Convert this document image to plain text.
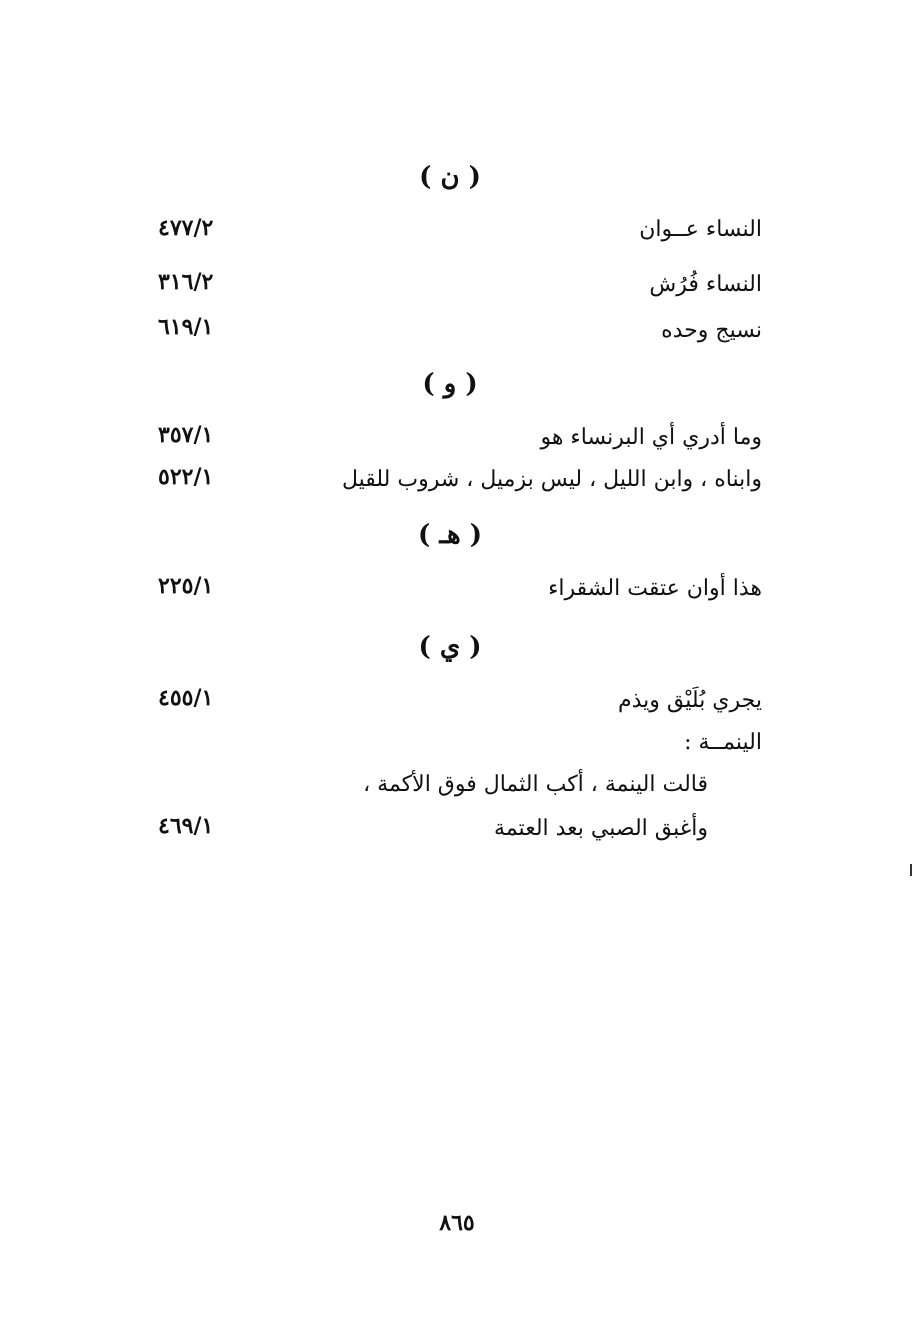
( ن )
النساء عــوان
٤٧٧/٢
النساء فُرُش
٣١٦/٢
نسيج وحده
٦١٩/١
( و )
وما أدري أي البرنساء هو
٣٥٧/١
وابناه ، وابن الليل ، ليس بزميل ، شروب للقيل
٥٢٢/١
( هـ )
هذا أوان عتقت الشقراء
٢٢٥/١
( ي )
يجري بُلَيْق ويذم
٤٥٥/١
الينمــة :
قالت الينمة ، أكب الثمال فوق الأكمة ،
وأغبق الصبي بعد العتمة
٤٦٩/١
٨٦٥
